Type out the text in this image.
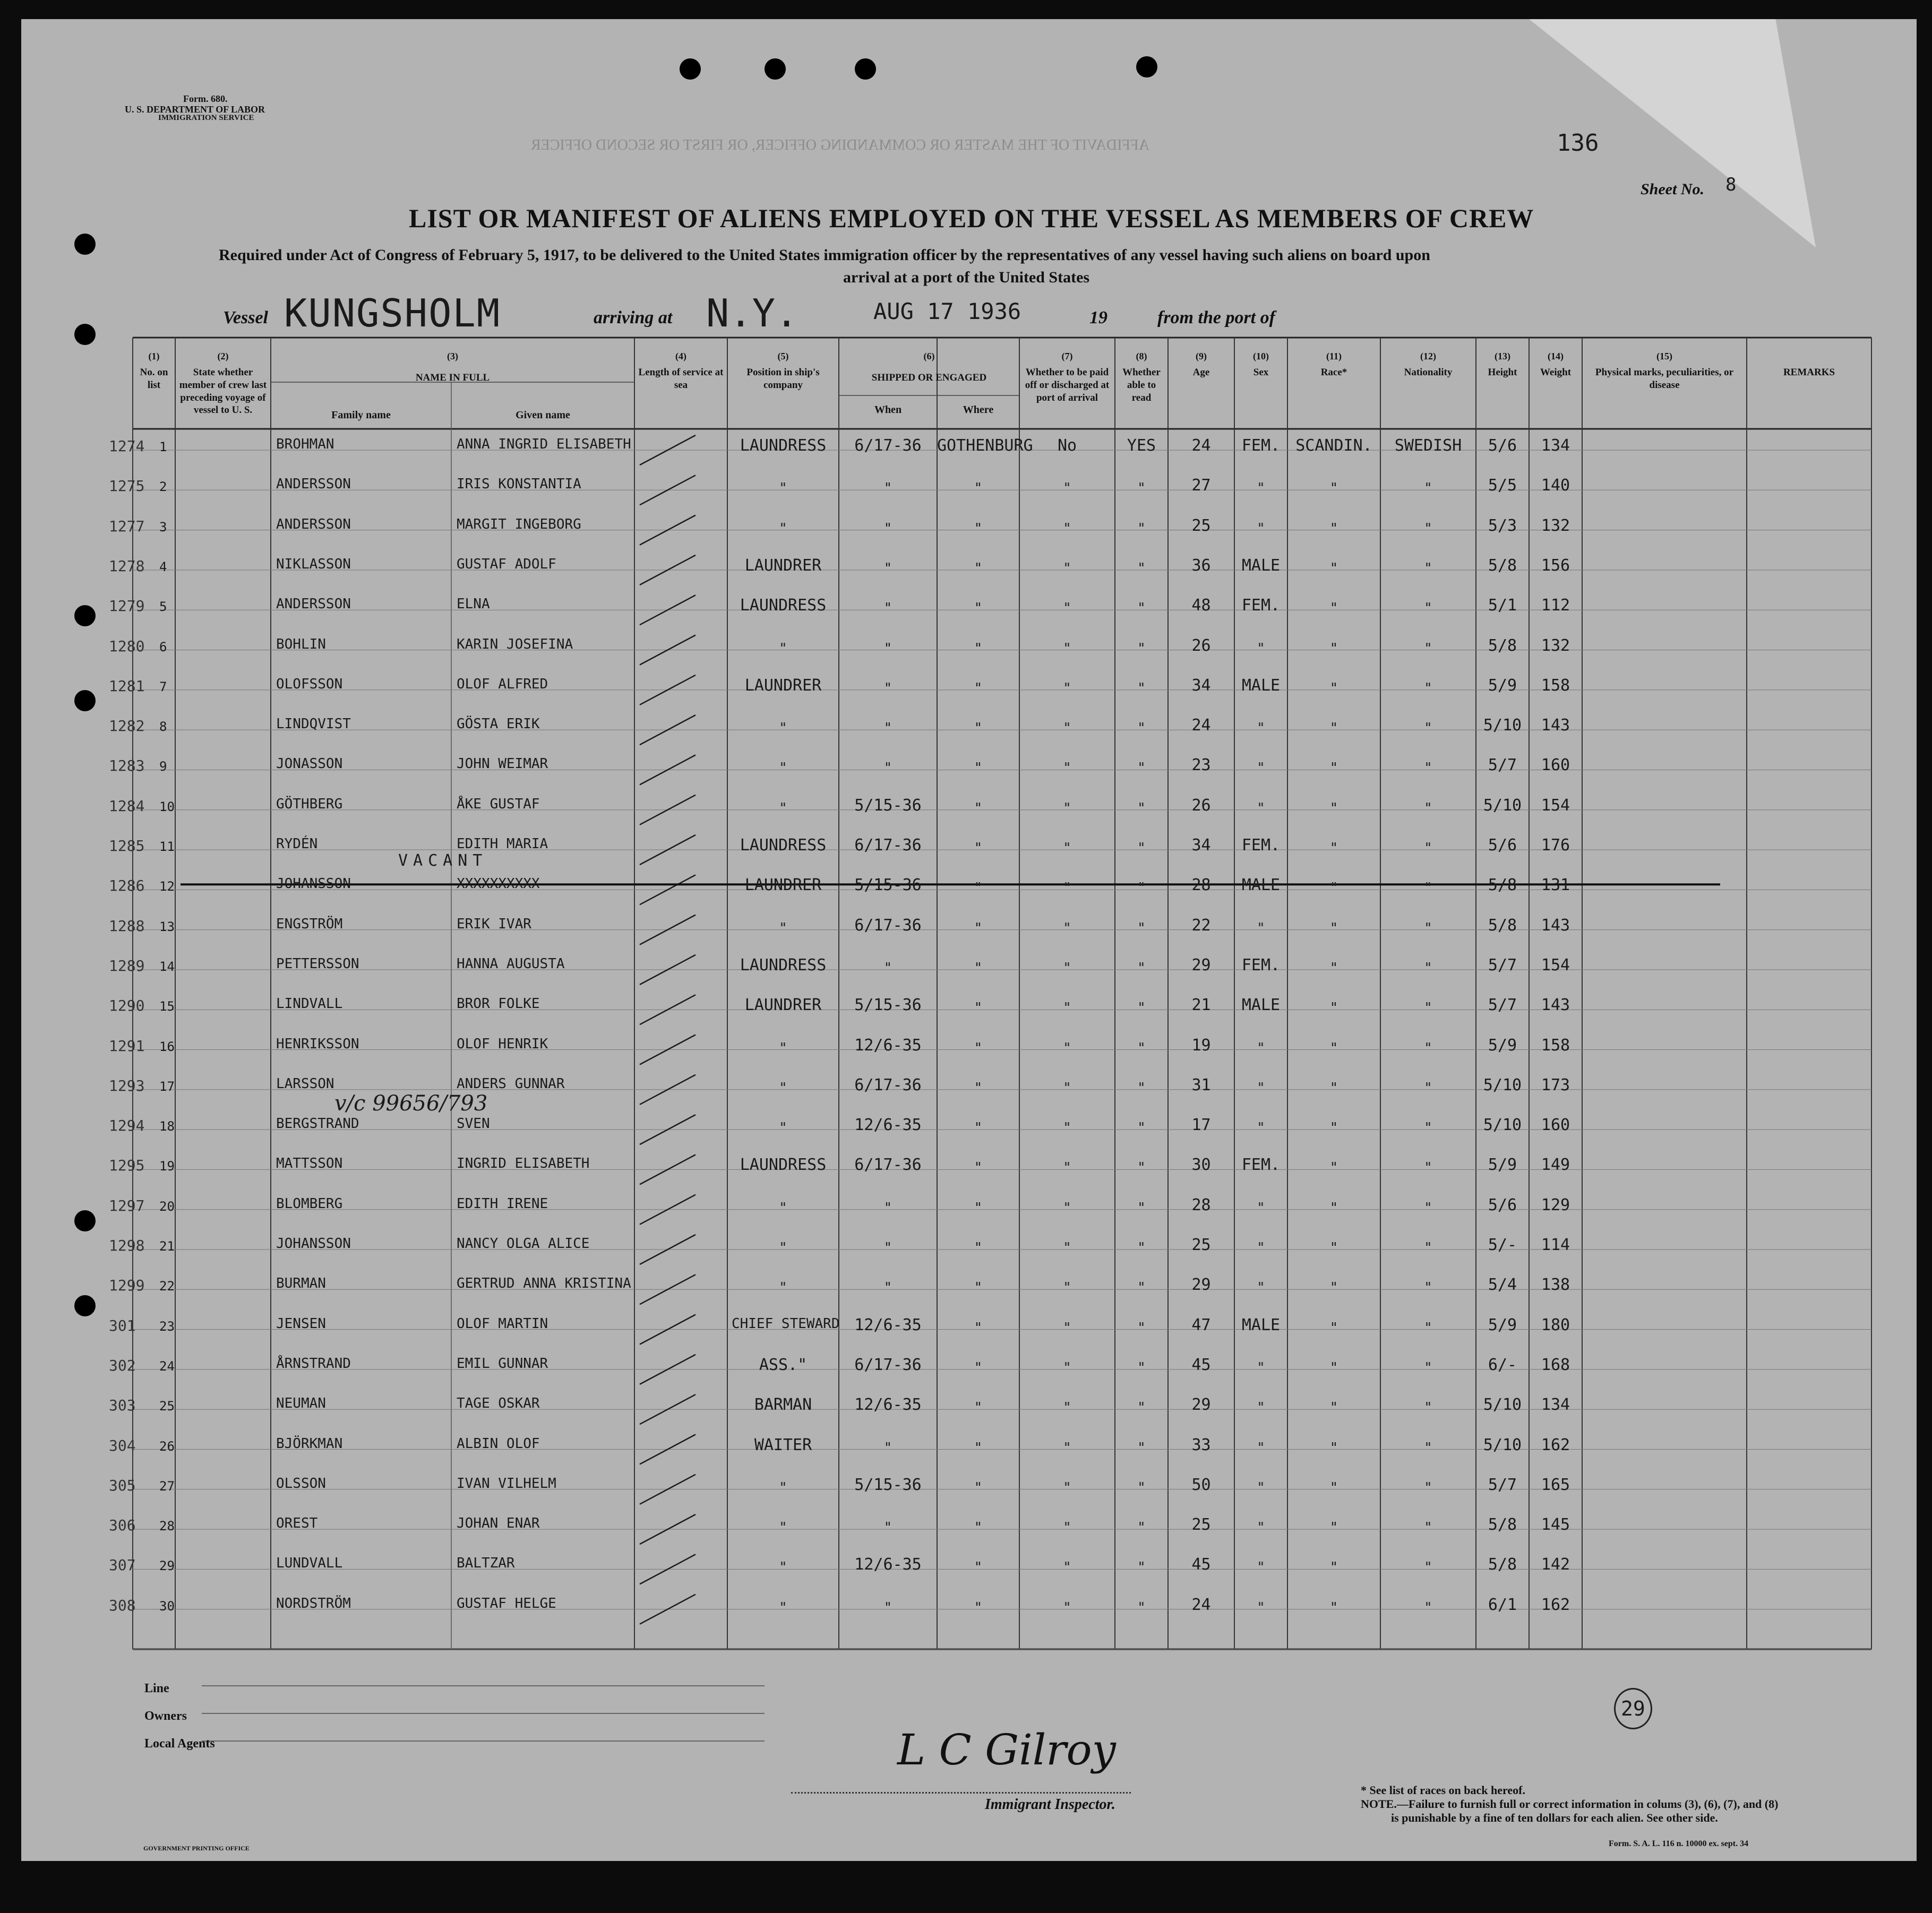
Form. 680.
U. S. DEPARTMENT OF LABOR
IMMIGRATION SERVICE
AFFIDAVIT OF THE MASTER OR COMMANDING OFFICER, OR FIRST OR SECOND OFFICER	136
Sheet No. 8
LIST OR MANIFEST OF ALIENS EMPLOYED ON THE VESSEL AS MEMBERS OF CREW
Required under Act of Congress of February 5, 1917, to be delivered to the United States immigration officer by the representatives of any vessel having such aliens on board upon
arrival at a port of the United States
Vessel KUNGSHOLM	arriving at N.Y.	AUG 17 1936	19	from the port of
(1)
No. on list
(2)
State whether member of crew last preceding voyage of vessel to U. S.
(3)
NAME IN FULL
Family name	Given name
(4)
Length of service at sea
(5)
Position in ship's company
(6)
SHIPPED OR ENGAGED
When	Where
(7)
Whether to be paid off or discharged at port of arrival
(8)
Whether able to read
(9)
Age
(10)
Sex
(11)
Race*
(12)
Nationality
(13)
Height
(14)
Weight
(15)
Physical marks, peculiarities, or disease
REMARKS
1274 1	BROHMAN	ANNA INGRID ELISABETH	LAUNDRESS	6/17-36 GOTHENBURG	No	YES	24	FEM. SCANDIN.	SWEDISH	5/6	134
1275 2	ANDERSSON	IRIS KONSTANTIA	"	"	"	"	"	27	"	"	"	5/5	140
1277 3	ANDERSSON	MARGIT INGEBORG	"	"	"	"	"	25	"	"	"	5/3	132
1278 4	NIKLASSON	GUSTAF ADOLF	LAUNDRER	"	"	"	"	36	MALE	"	"	5/8	156
1279 5	ANDERSSON	ELNA	LAUNDRESS	"	"	"	"	48	FEM.	"	"	5/1	112
1280 6	BOHLIN	KARIN JOSEFINA	"	"	"	"	"	26	"	"	"	5/8	132
1281 7	OLOFSSON	OLOF ALFRED	LAUNDRER	"	"	"	"	34	MALE	"	"	5/9	158
1282 8	LINDQVIST	GÖSTA ERIK	"	"	"	"	"	24	"	"	"	5/10	143
1283 9	JONASSON	JOHN WEIMAR	"	"	"	"	"	23	"	"	"	5/7	160
1284 10	GÖTHBERG	ÅKE GUSTAF	"	5/15-36	"	"	"	26	"	"	"	5/10	154
1285 11	RYDÉN	EDITH MARIA	LAUNDRESS	6/17-36	"	"	"	34	FEM.	"	"	5/6	176
1286 12	JOHANSSON	XXXXXXXXXX	LAUNDRER	5/15-36	"	"	"	28	MALE	"	"	5/8	131
VACANT
1288 13	ENGSTRÖM	ERIK IVAR	"	6/17-36	"	"	"	22	"	"	"	5/8	143
1289 14	PETTERSSON	HANNA AUGUSTA	LAUNDRESS	"	"	"	"	29	FEM.	"	"	5/7	154
1290 15	LINDVALL	BROR FOLKE	LAUNDRER	5/15-36	"	"	"	21	MALE	"	"	5/7	143
1291 16	HENRIKSSON	OLOF HENRIK	"	12/6-35	"	"	"	19	"	"	"	5/9	158
1293 17	LARSSON	ANDERS GUNNAR	"	6/17-36	"	"	"	31	"	"	"	5/10	173
1294 18	BERGSTRAND	SVEN	"	12/6-35	"	"	"	17	"	"	"	5/10	160
v/c 99656/793
1295 19	MATTSSON	INGRID ELISABETH	LAUNDRESS	6/17-36	"	"	"	30	FEM.	"	"	5/9	149
1297 20	BLOMBERG	EDITH IRENE	"	"	"	"	"	28	"	"	"	5/6	129
1298 21	JOHANSSON	NANCY OLGA ALICE	"	"	"	"	"	25	"	"	"	5/-	114
1299 22	BURMAN	GERTRUD ANNA KRISTINA	"	"	"	"	"	29	"	"	"	5/4	138
301 23	JENSEN	OLOF MARTIN	CHIEF STEWARD 12/6-35	"	"	"	47	MALE	"	"	5/9	180
302 24	ÅRNSTRAND	EMIL GUNNAR	ASS."	6/17-36	"	"	"	45	"	"	"	6/-	168
303 25	NEUMAN	TAGE OSKAR	BARMAN	12/6-35	"	"	"	29	"	"	"	5/10	134
304 26	BJÖRKMAN	ALBIN OLOF	WAITER	"	"	"	"	33	"	"	"	5/10	162
305 27	OLSSON	IVAN VILHELM	"	5/15-36	"	"	"	50	"	"	"	5/7	165
306 28	OREST	JOHAN ENAR	"	"	"	"	"	25	"	"	"	5/8	145
307 29	LUNDVALL	BALTZAR	"	12/6-35	"	"	"	45	"	"	"	5/8	142
308 30	NORDSTRÖM	GUSTAF HELGE	"	"	"	"	"	24	"	"	"	6/1	162
Line
Owners
Local Agents	L C Gilroy
Immigrant Inspector.
29
* See list of races on back hereof.
NOTE.—Failure to furnish full or correct information in colums (3), (6), (7), and (8)
is punishable by a fine of ten dollars for each alien. See other side.
Form. S. A. L. 116 n. 10000 ex. sept. 34
GOVERNMENT PRINTING OFFICE
